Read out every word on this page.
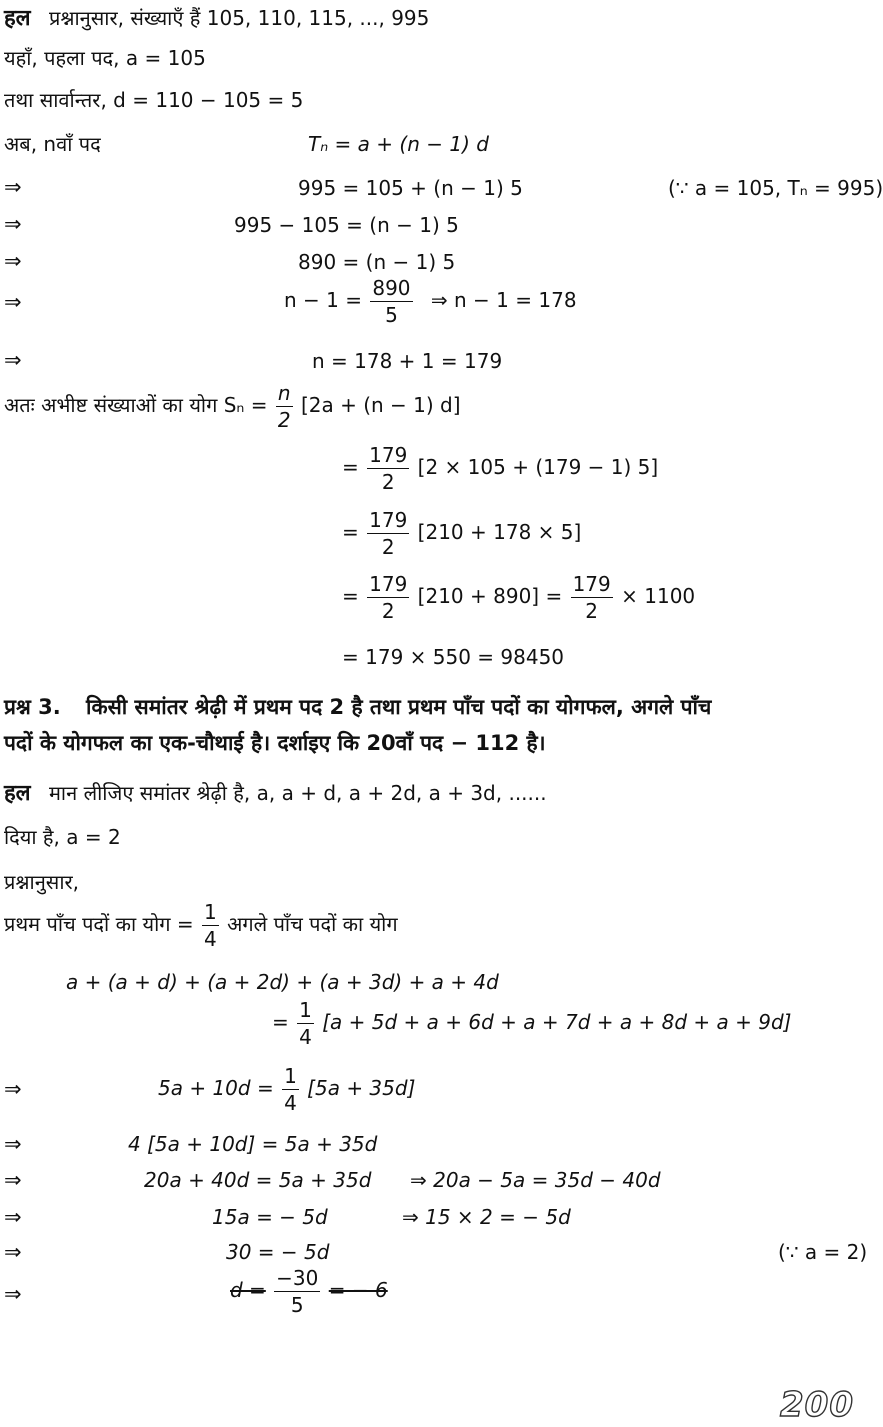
हल प्रश्नानुसार, संख्याएँ हैं 105, 110, 115, ..., 995
यहाँ, पहला पद, a = 105
तथा सार्वान्तर, d = 110 − 105 = 5
अब, nवाँ पद	Tₙ = a + (n − 1) d
⇒	995 = 105 + (n − 1) 5	(∵ a = 105, Tₙ = 995)
⇒	995 − 105 = (n − 1) 5
⇒	890 = (n − 1) 5
⇒	$n - 1 = \frac{890}{5}$ ⇒ n − 1 = 178
⇒	n = 178 + 1 = 179
अतः अभीष्ट संख्याओं का योग $S_n = \frac{n}{2} [2a + (n - 1)$ d]
= $\frac{179}{2} [2 \times 105 + (179 - 1)$ 5]
= $\frac{179}{2} [210 + 178 \times 5]$
= $\frac{179}{2} [210 + 890] = \frac{179}{2} \times 1100$
= 179 × 550 = 98450
प्रश्न 3. किसी समांतर श्रेढ़ी में प्रथम पद 2 है तथा प्रथम पाँच पदों का योगफल, अगले पाँच
पदों के योगफल का एक-चौथाई है। दर्शाइए कि 20वाँ पद − 112 है।
हल मान लीजिए समांतर श्रेढ़ी है, a, a + d, a + 2d, a + 3d, ......
दिया है, a = 2
प्रश्नानुसार,
प्रथम पाँच पदों का योग = $\frac{1}{4}$ अगले पाँच पदों का योग
a + (a + d) + (a + 2d) + (a + 3d) + a + 4d
= $\frac{1}{4} [a + 5d + a + 6d + a + 7d + a + 8d + a + 9d]$
⇒	$5a + 10d = \frac{1}{4} [5a + 35d]$
⇒	4 [5a + 10d] = 5a + 35d
⇒	20a + 40d = 5a + 35d ⇒ 20a − 5a = 35d − 40d
⇒	15a = − 5d	⇒ 15 × 2 = − 5d
⇒	30 = − 5d	(∵ a = 2)
⇒	$d = \frac{-30}{5}$ = − 6
200
